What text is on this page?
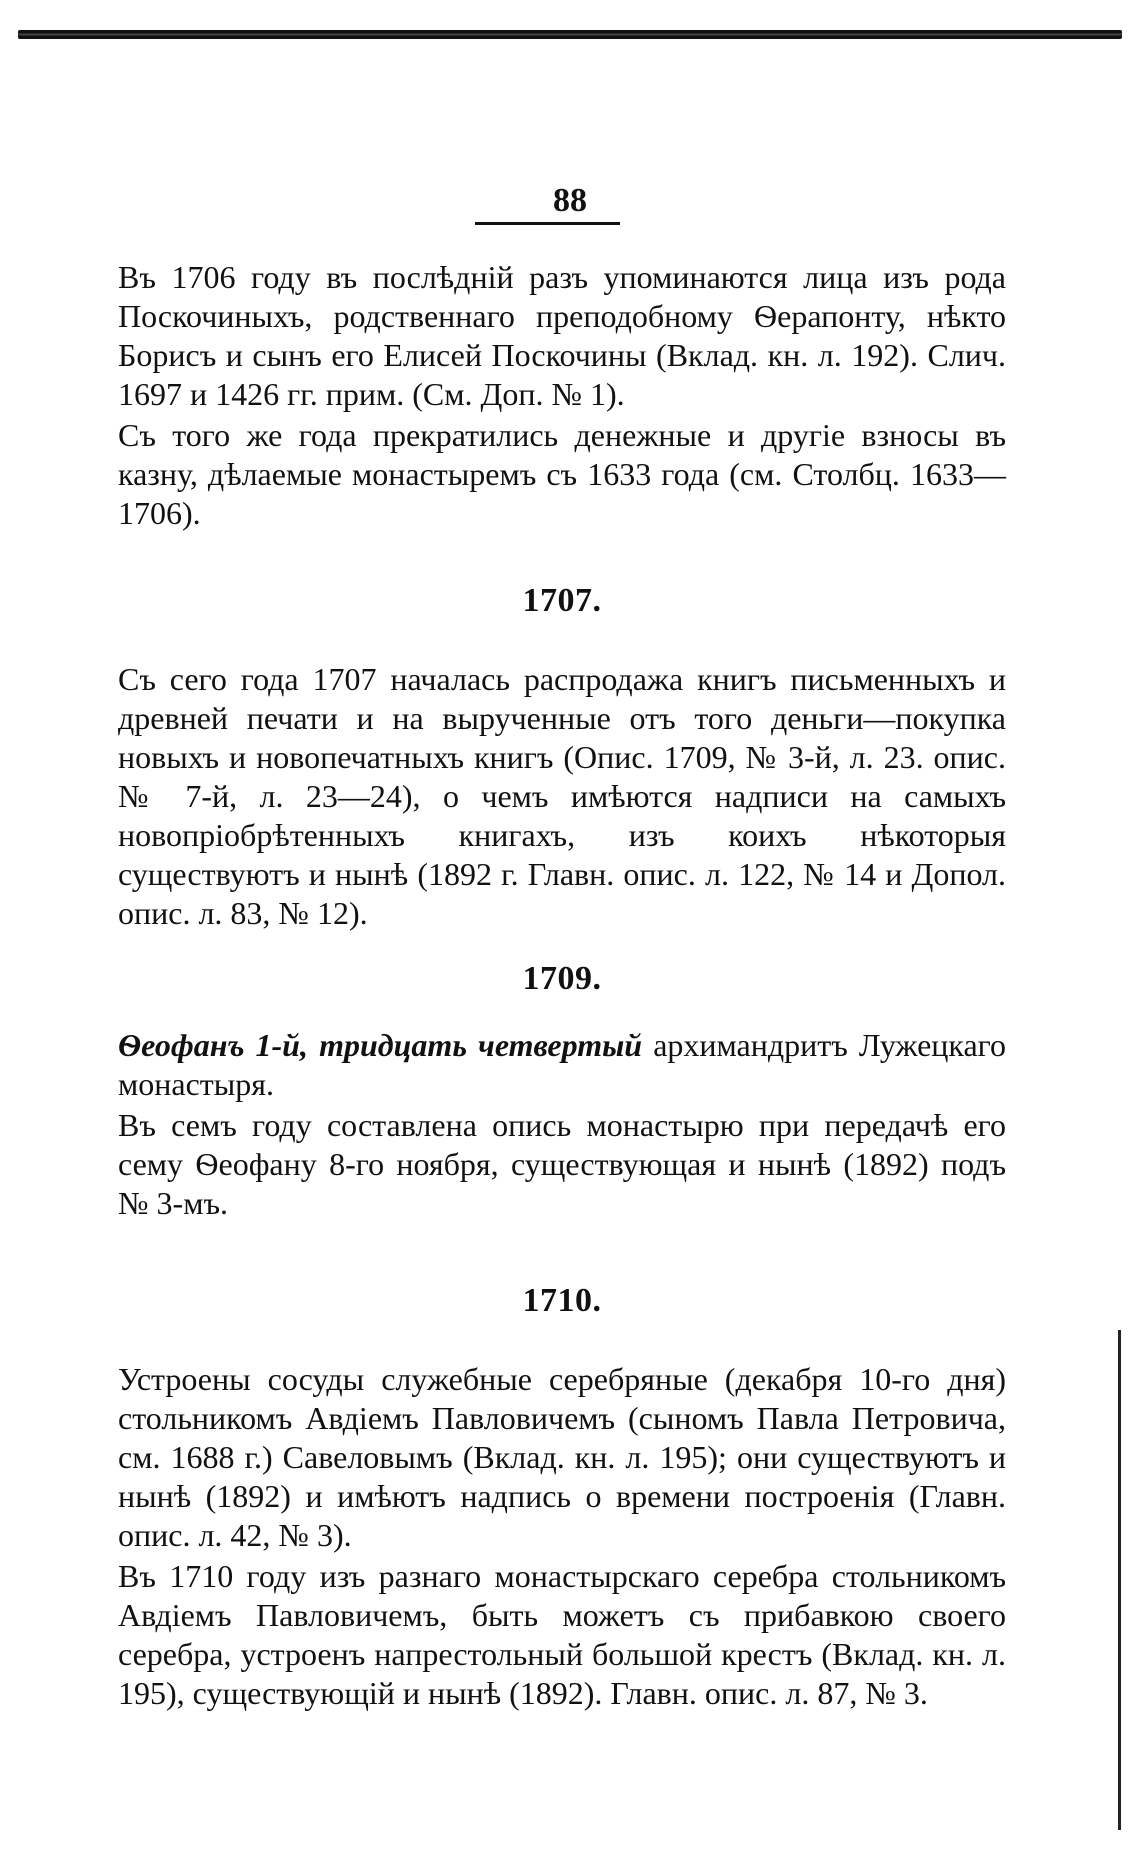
88

Въ 1706 году въ послѣдній разъ упоминаются лица изъ рода Поскочиныхъ, родственнаго преподобному Ѳерапонту, нѣкто Борисъ и сынъ его Елисей Поскочины (Вклад. кн. л. 192). Слич. 1697 и 1426 гг. прим. (См. Доп. № 1).

Съ того же года прекратились денежные и другіе взносы въ казну, дѣлаемые монастыремъ съ 1633 года (см. Столбц. 1633—1706).

1707.

Съ сего года 1707 началась распродажа книгъ письменныхъ и древней печати и на вырученные отъ того деньги—покупка новыхъ и новопечатныхъ книгъ (Опис. 1709, № 3-й, л. 23. опис. № 7-й, л. 23—24), о чемъ имѣются надписи на самыхъ новопріобрѣтенныхъ книгахъ, изъ коихъ нѣкоторыя существуютъ и нынѣ (1892 г. Главн. опис. л. 122, № 14 и Допол. опис. л. 83, № 12).

1709.

Ѳеофанъ 1-й, тридцать четвертый архимандритъ Лужецкаго монастыря.

Въ семъ году составлена опись монастырю при передачѣ его сему Ѳеофану 8-го ноября, существующая и нынѣ (1892) подъ № 3-мъ.

1710.

Устроены сосуды служебные серебряные (декабря 10-го дня) стольникомъ Авдіемъ Павловичемъ (сыномъ Павла Петровича, см. 1688 г.) Савеловымъ (Вклад. кн. л. 195); они существуютъ и нынѣ (1892) и имѣютъ надпись о времени построенія (Главн. опис. л. 42, № 3).

Въ 1710 году изъ разнаго монастырскаго серебра стольникомъ Авдіемъ Павловичемъ, быть можетъ съ прибавкою своего серебра, устроенъ напрестольный большой крестъ (Вклад. кн. л. 195), существующій и нынѣ (1892). Главн. опис. л. 87, № 3.
